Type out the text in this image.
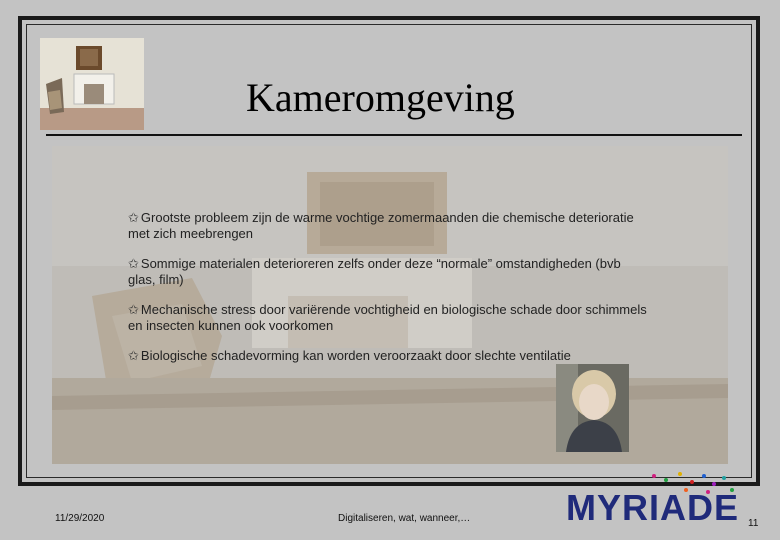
Kameromgeving
✩ Grootste probleem zijn de warme vochtige zomermaanden die chemische deterioratie met zich meebrengen
✩ Sommige materialen deterioreren zelfs onder deze “normale” omstandigheden (bvb glas, film)
✩ Mechanische stress door variërende vochtigheid en biologische schade door schimmels en insecten kunnen ook voorkomen
✩ Biologische schadevorming kan worden veroorzaakt door slechte ventilatie
11/29/2020	Digitaliseren, wat, wanneer,…	MYRIADE 11
